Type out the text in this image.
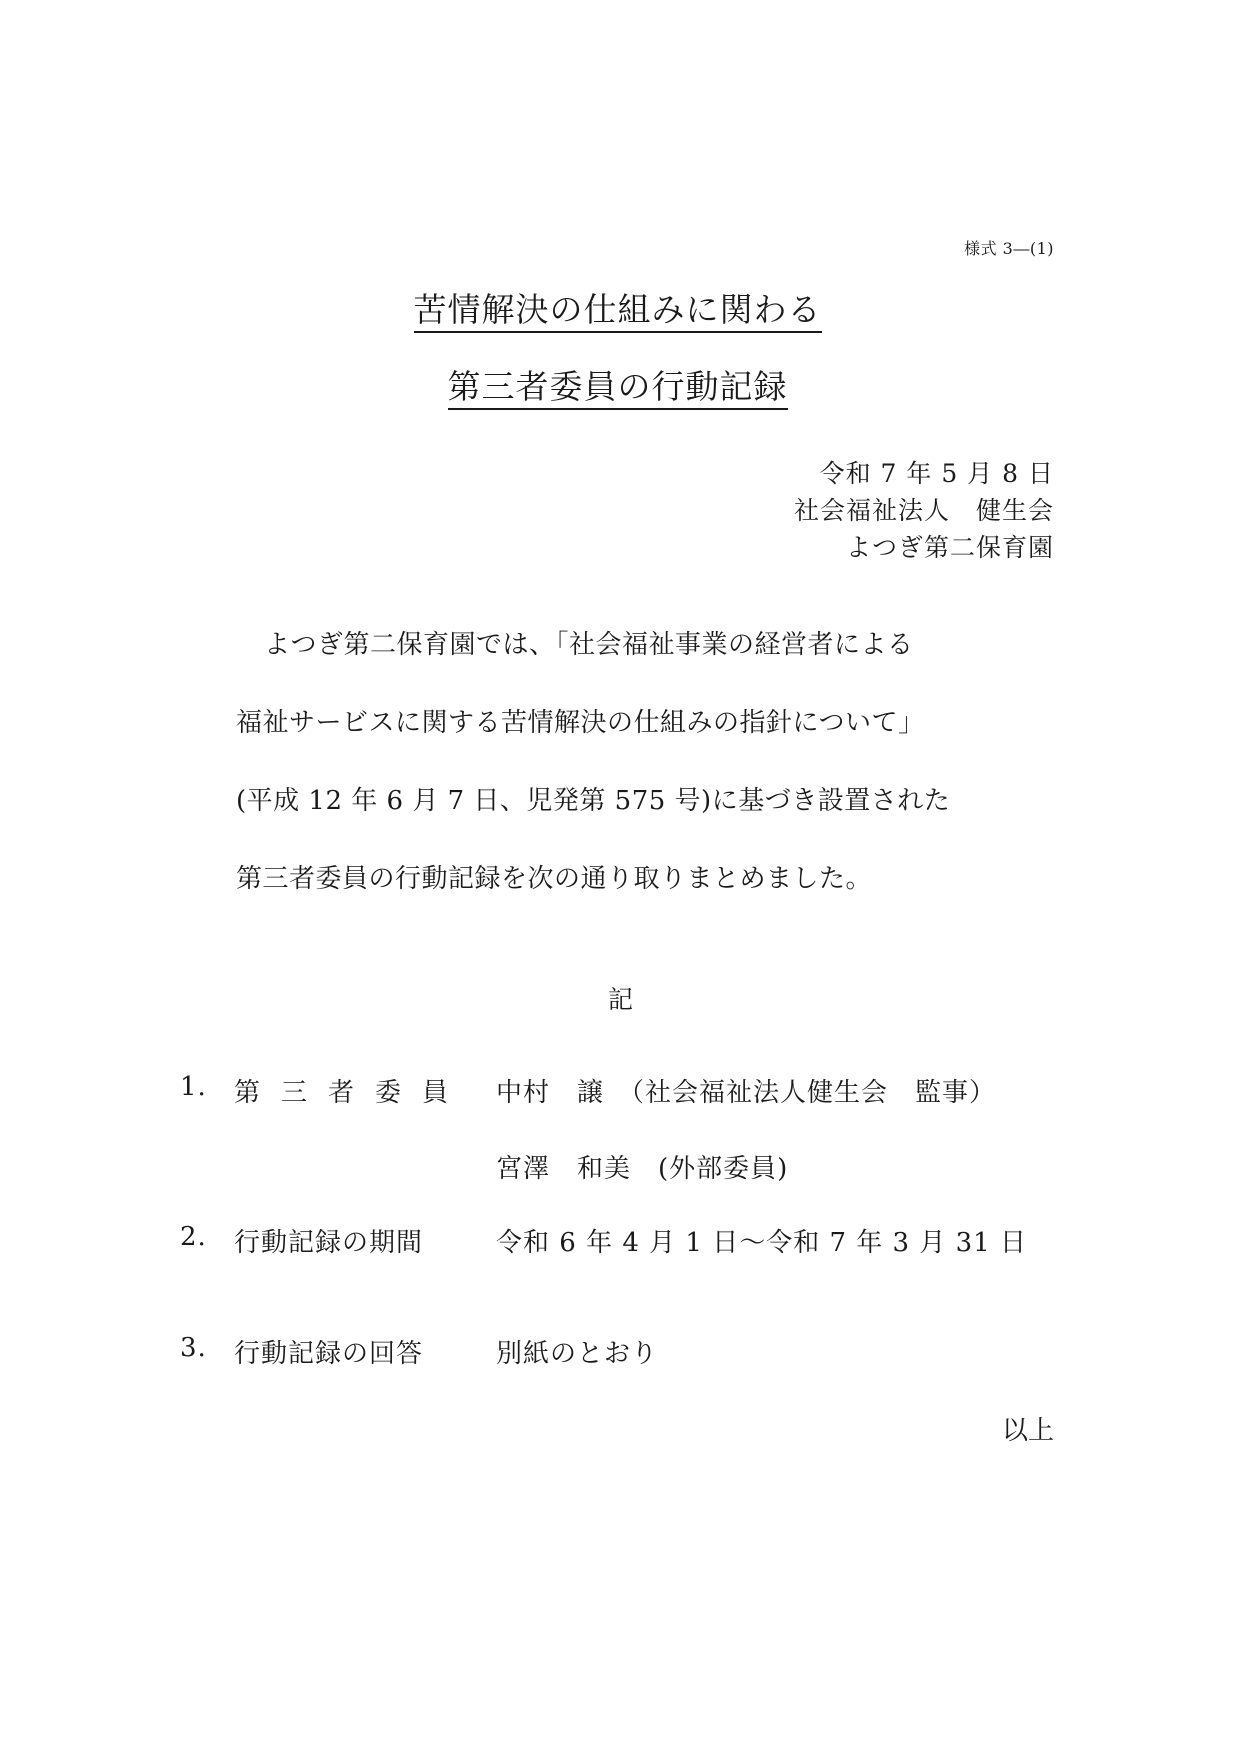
様式 3―(1)
苦情解決の仕組みに関わる
第三者委員の行動記録
令和 7 年 5 月 8 日
社会福祉法人　健生会
よつぎ第二保育園
よつぎ第二保育園では、「社会福祉事業の経営者による
福祉サービスに関する苦情解決の仕組みの指針について」
(平成 12 年 6 月 7 日、児発第 575 号)に基づき設置された
第三者委員の行動記録を次の通り取りまとめました。
記
1. 第三者委員 中村　譲　（社会福祉法人健生会　監事）
宮澤　和美　(外部委員)
2. 行動記録の期間	令和 6 年 4 月 1 日～令和 7 年 3 月 31 日
3. 行動記録の回答	別紙のとおり
以上
